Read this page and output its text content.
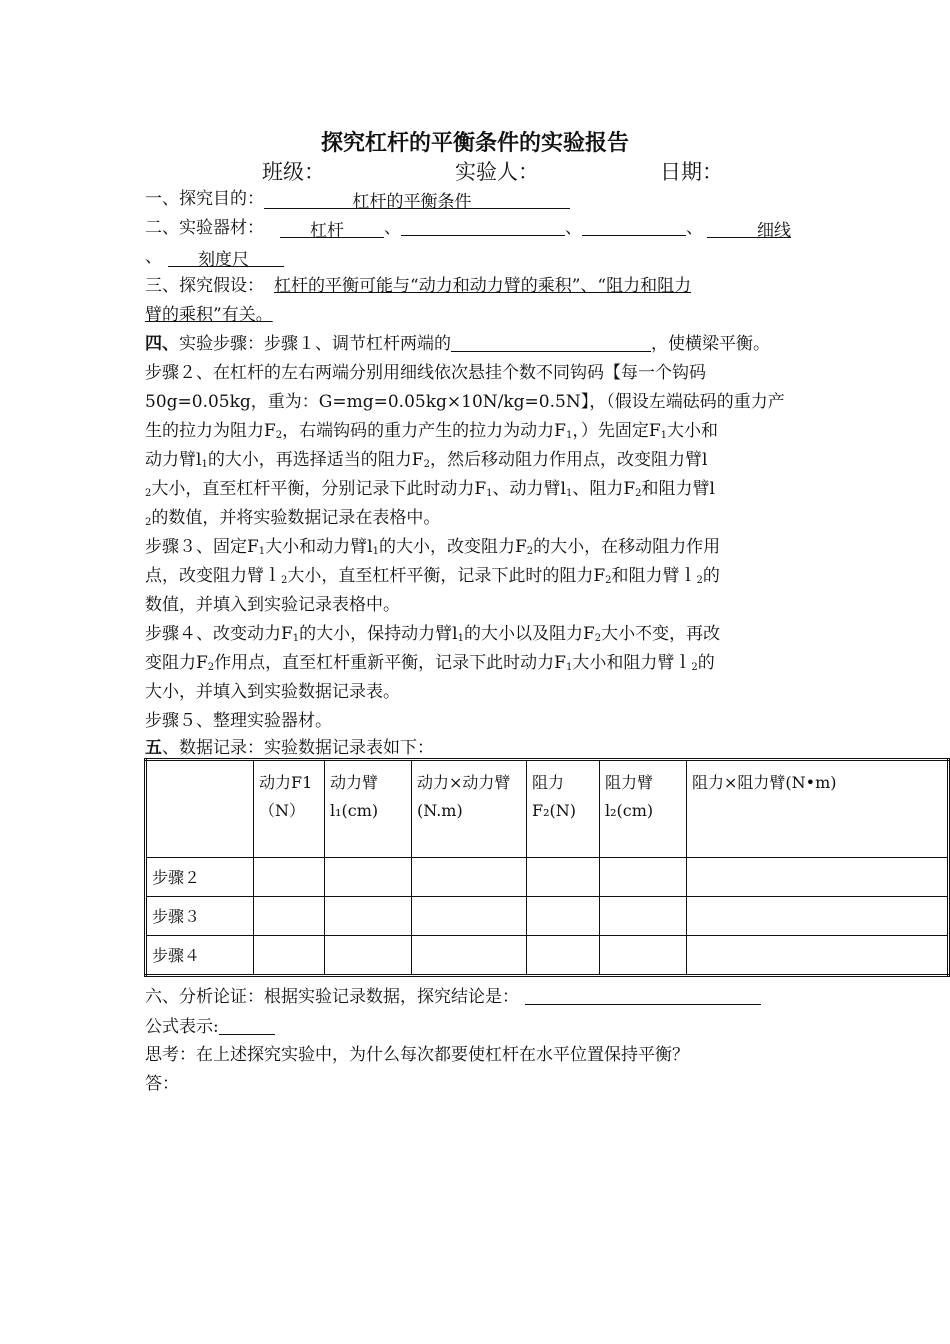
探究杠杆的平衡条件的实验报告
班级：	实验人：	日期：
一、探究目的：	杠杆的平衡条件
二、实验器材：	杠杆 、	、	、	细线
、 刻度尺
三、探究假设： 杠杆的平衡可能与“动力和动力臂的乘积”、“阻力和阻力
臂的乘积”有关。
四、实验步骤：步骤１、调节杠杆两端的	，使横梁平衡。
步骤２、在杠杆的左右两端分别用细线依次悬挂个数不同钩码【每一个钩码
50g=0.05kg，重为：G=mg=0.05kg×10N/kg=0.5N】，（假设左端砝码的重力产
生的拉力为阻力$F_2$，右端钩码的重力产生的拉力为动力$F_1$，）先固定$F_1$大小和
动力臂$l_1$的大小，再选择适当的阻力$F_2$，然后移动阻力作用点，改变阻力臂l
$_2$大小，直至杠杆平衡，分别记录下此时动力$F_1$、动力臂$l_1$、阻力$F_2$和阻力臂l
$_2$的数值，并将实验数据记录在表格中。
步骤３、固定$F_1$大小和动力臂$l_1$的大小，改变阻力$F_2$的大小，在移动阻力作用
点，改变阻力臂ｌ$_2$大小，直至杠杆平衡，记录下此时的阻力$F_2$和阻力臂ｌ$_2$的
数值，并填入到实验记录表格中。
步骤４、改变动力$F_1$的大小，保持动力臂$l_1$的大小以及阻力$F_2$大小不变，再改
变阻力$F_2$作用点，直至杠杆重新平衡，记录下此时动力$F_1$大小和阻力臂ｌ$_2$的
大小，并填入到实验数据记录表。
步骤５、整理实验器材。
五、数据记录：实验数据记录表如下：
	动力F1（N）	动力臂l₁(cm)	动力×动力臂(N.m)	阻力F₂(N)	阻力臂l₂(cm)	阻力×阻力臂(N•m)
步骤２						
步骤３						
步骤４						
六、分析论证：根据实验记录数据，探究结论是：
公式表示:
思考：在上述探究实验中，为什么每次都要使杠杆在水平位置保持平衡？
答：
